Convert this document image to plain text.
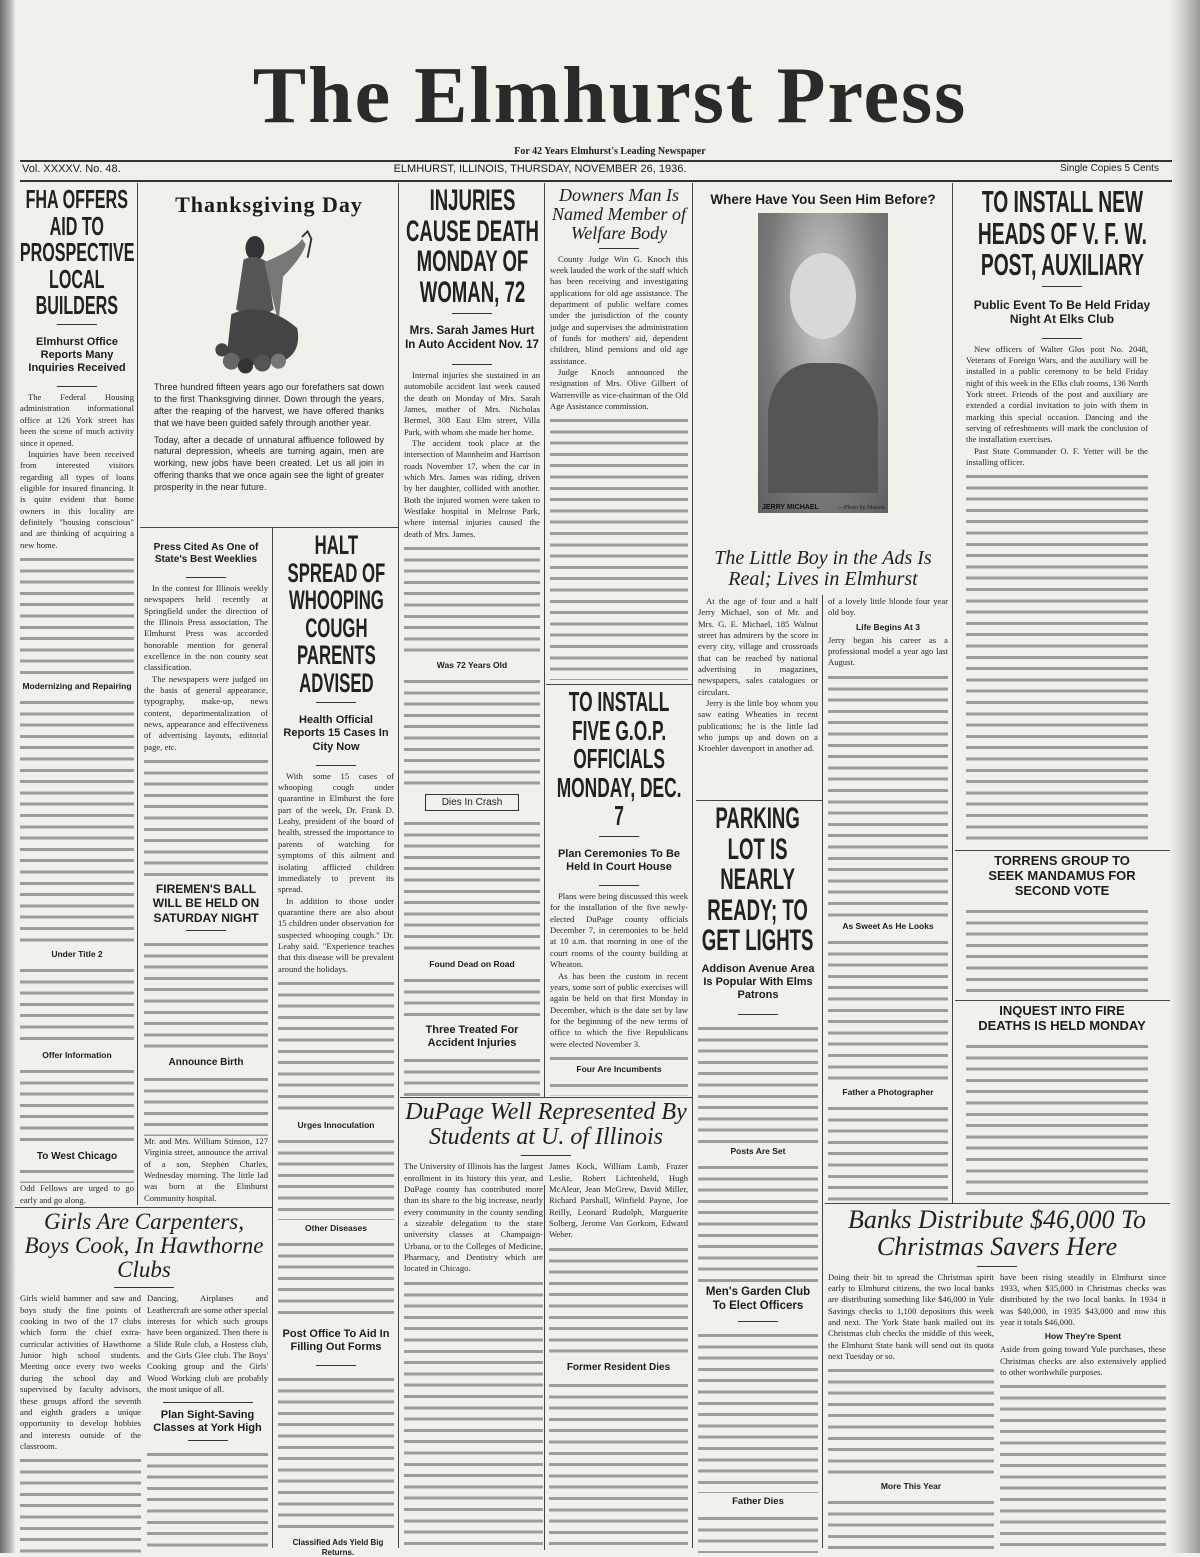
The Elmhurst Press
For 42 Years Elmhurst's Leading Newspaper
Vol. XXXXV. No. 48.	ELMHURST, ILLINOIS, THURSDAY, NOVEMBER 26, 1936.	Single Copies 5 Cents
FHA OFFERS AID TO PROSPECTIVE LOCAL BUILDERS
Elmhurst Office Reports Many Inquiries Received

The Federal Housing administration informational office at 126 York street has been the scene of much activity since it opened.

Inquiries have been received from interested visitors regarding all types of loans eligible for insured financing. It is quite evident that home owners in this locality are definitely "housing conscious" and are thinking of acquiring a new home.

Modernizing and Repairing
Under Title 2
Offer Information
To West Chicago
Odd Fellows are urged to go early and go along.
Thanksgiving Day

Three hundred fifteen years ago our forefathers sat down to the first Thanksgiving dinner. Down through the years, after the reaping of the harvest, we have offered thanks that we have been guided safely through another year.

Today, after a decade of unnatural affluence followed by natural depression, wheels are turning again, men are working, new jobs have been created. Let us all join in offering thanks that we once again see the light of greater prosperity in the near future.

Press Cited As One of State's Best Weeklies

In the contest for Illinois weekly newspapers held recently at Springfield under the direction of the Illinois Press association, The Elmhurst Press was accorded honorable mention for general excellence in the non county seat classification.

The newspapers were judged on the basis of general appearance, typography, make-up, news content, departmentalization of news, appearance and effectiveness of advertising layouts, editorial page, etc.

FIREMEN'S BALL WILL BE HELD ON SATURDAY NIGHT
Announce Birth
Mr. and Mrs. William Stinson, 127 Virginia street, announce the arrival of a son, Stephen Charles, Wednesday morning. The little lad was born at the Elmhurst Community hospital.
HALT SPREAD OF WHOOPING COUGH PARENTS ADVISED
Health Official Reports 15 Cases In City Now

With some 15 cases of whooping cough under quarantine in Elmhurst the fore part of the week, Dr. Frank D. Leahy, president of the board of health, stressed the importance to parents of watching for symptoms of this ailment and isolating afflicted children immediately to prevent its spread.

In addition to those under quarantine there are also about 15 children under observation for suspected whooping cough." Dr. Leahy said. "Experience teaches that this disease will be prevalent around the holidays.

Urges Innoculation
Other Diseases
Post Office To Aid In Filling Out Forms
Classified Ads Yield Big Returns.
Girls Are Carpenters, Boys Cook, In Hawthorne Clubs
Girls wield hammer and saw and boys study the fine points of cooking in two of the 17 clubs which form the chief extra-curricular activities of Hawthorne Junior high school students. Meeting once every two weeks during the school day and supervised by faculty advisors, these groups afford the seventh and eighth graders a unique opportunity to develop hobbies and interests outside of the classroom.
Dancing, Airplanes and Leathercraft are some other special interests for which such groups have been organized. Then there is a Slide Rule club, a Hostess club, and the Girls Glee club. The Boys' Cooking group and the Girls' Wood Working club are probably the most unique of all.
Plan Sight-Saving Classes at York High
INJURIES CAUSE DEATH MONDAY OF WOMAN, 72
Mrs. Sarah James Hurt In Auto Accident Nov. 17

Internal injuries she sustained in an automobile accident last week caused the death on Monday of Mrs. Sarah James, mother of Mrs. Nicholas Bermel, 308 East Elm street, Villa Park, with whom she made her home.

The accident took place at the intersection of Mannheim and Harrison roads November 17, when the car in which Mrs. James was riding, driven by her daughter, collided with another. Both the injured women were taken to Westlake hospital in Melrose Park, where internal injuries caused the death of Mrs. James.

Was 72 Years Old
Dies In Crash
Found Dead on Road
Three Treated For Accident Injuries
Downers Man Is Named Member of Welfare Body

County Judge Win G. Knoch this week lauded the work of the staff which has been receiving and investigating applications for old age assistance. The department of public welfare comes under the jurisdiction of the county judge and supervises the administration of funds for mothers' aid, dependent children, blind pensions and old age assistance.

Judge Knoch announced the resignation of Mrs. Olive Gilbert of Warrenville as vice-chairman of the Old Age Assistance commission.

TO INSTALL FIVE G.O.P. OFFICIALS MONDAY, DEC. 7
Plan Ceremonies To Be Held In Court House

Plans were being discussed this week for the installation of the five newly-elected DuPage county officials December 7, in ceremonies to be held at 10 a.m. that morning in one of the court rooms of the county building at Wheaton.

As has been the custom in recent years, some sort of public exercises will again be held on that first Monday in December, which is the date set by law for the beginning of the new terms of office to which the five Republicans were elected November 3.

Four Are Incumbents
DuPage Well Represented By Students at U. of Illinois
The University of Illinois has the largest enrollment in its history this year, and DuPage county has contributed more than its share to the big increase, nearly every community in the county sending a sizeable delegation to the state university classes at Champaign-Urbana, or to the Colleges of Medicine, Pharmacy, and Dentistry which are located in Chicago.
James Kock, William Lamb, Frazer Leslie, Robert Lichtenheld, Hugh McAlear, Jean McGrew, David Miller, Richard Parshall, Winfield Payne, Joe Reilly, Leonard Rudolph, Marguerite Solberg, Jerome Van Gorkom, Edward Weber.
Former Resident Dies
Where Have You Seen Him Before?
JERRY MICHAEL	—Photo by Matson
The Little Boy in the Ads Is Real; Lives in Elmhurst

At the age of four and a half Jerry Michael, son of Mr. and Mrs. G. E. Michael, 185 Walnut street has admirers by the score in every city, village and crossroads that can be reached by national advertising in magazines, newspapers, sales catalogues or circulars.

Jerry is the little boy whom you saw eating Wheaties in recent publications; he is the little lad who jumps up and down on a Kroehler davenport in another ad.

of a lovely little blonde four year old boy.
Life Begins At 3
Jerry began his career as a professional model a year ago last August.
As Sweet As He Looks
Father a Photographer
PARKING LOT IS NEARLY READY; TO GET LIGHTS
Addison Avenue Area Is Popular With Elms Patrons
Posts Are Set
Men's Garden Club To Elect Officers
Father Dies
Banks Distribute $46,000 To Christmas Savers Here
Doing their bit to spread the Christmas spirit early to Elmhurst citizens, the two local banks are distributing something like $46,000 in Yule Savings checks to 1,100 depositors this week and next. The York State bank mailed out its Christmas club checks the middle of this week, the Elmhurst State bank will send out its quota next Tuesday or so.
More This Year
have been rising steadily in Elmhurst since 1933, when $35,000 in Christmas checks was distributed by the two local banks. In 1934 it was $40,000, in 1935 $43,000 and now this year it totals $46,000.
How They're Spent
Aside from going toward Yule purchases, these Christmas checks are also extensively applied to other worthwhile purposes.
TO INSTALL NEW HEADS OF V. F. W. POST, AUXILIARY
Public Event To Be Held Friday Night At Elks Club

New officers of Walter Glos post No. 2048, Veterans of Foreign Wars, and the auxiliary will be installed in a public ceremony to be held Friday night of this week in the Elks club rooms, 136 North York street. Friends of the post and auxiliary are extended a cordial invitation to join with them in marking this special occasion. Dancing and the serving of refreshments will mark the conclusion of the installation exercises.

Past State Commander O. F. Yetter will be the installing officer.

TORRENS GROUP TO SEEK MANDAMUS FOR SECOND VOTE
INQUEST INTO FIRE DEATHS IS HELD MONDAY
